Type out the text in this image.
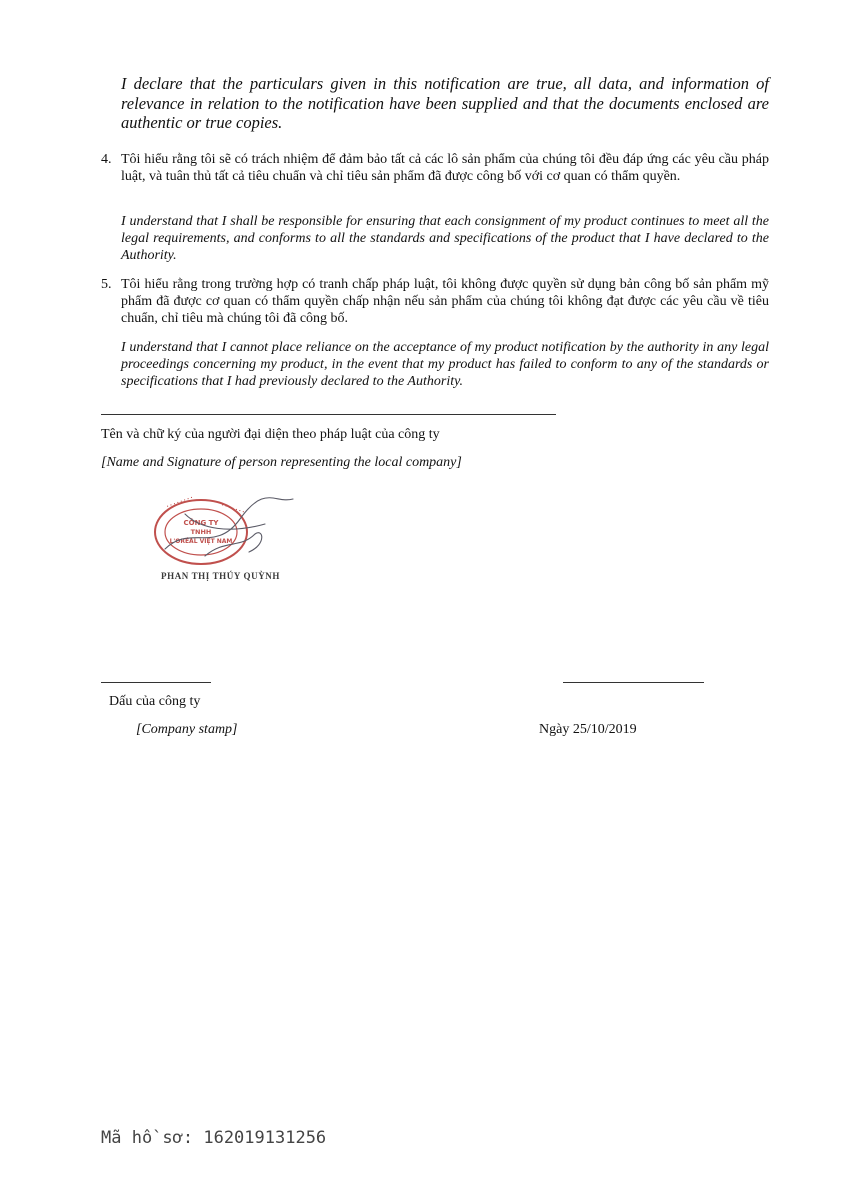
I declare that the particulars given in this notification are true, all data, and information of relevance in relation to the notification have been supplied and that the documents enclosed are authentic or true copies.

4. Tôi hiểu rằng tôi sẽ có trách nhiệm để đảm bảo tất cả các lô sản phẩm của chúng tôi đều đáp ứng các yêu cầu pháp luật, và tuân thủ tất cả tiêu chuẩn và chỉ tiêu sản phẩm đã được công bố với cơ quan có thẩm quyền.

I understand that I shall be responsible for ensuring that each consignment of my product continues to meet all the legal requirements, and conforms to all the standards and specifications of the product that I have declared to the Authority.

5. Tôi hiểu rằng trong trường hợp có tranh chấp pháp luật, tôi không được quyền sử dụng bản công bố sản phẩm mỹ phẩm đã được cơ quan có thẩm quyền chấp nhận nếu sản phẩm của chúng tôi không đạt được các yêu cầu về tiêu chuẩn, chỉ tiêu mà chúng tôi đã công bố.

I understand that I cannot place reliance on the acceptance of my product notification by the authority in any legal proceedings concerning my product, in the event that my product has failed to conform to any of the standards or specifications that I had previously declared to the Authority.

Tên và chữ ký của người đại diện theo pháp luật của công ty

[Name and Signature of person representing the local company]

CÔNG TY
TNHH
L'ORÉAL VIỆT NAM
• • • • • • • •	• • • • • • •
PHAN THỊ THÚY QUỲNH

Dấu của công ty

[Company stamp]	Ngày 25/10/2019

Mã hồ sơ: 162019131256
